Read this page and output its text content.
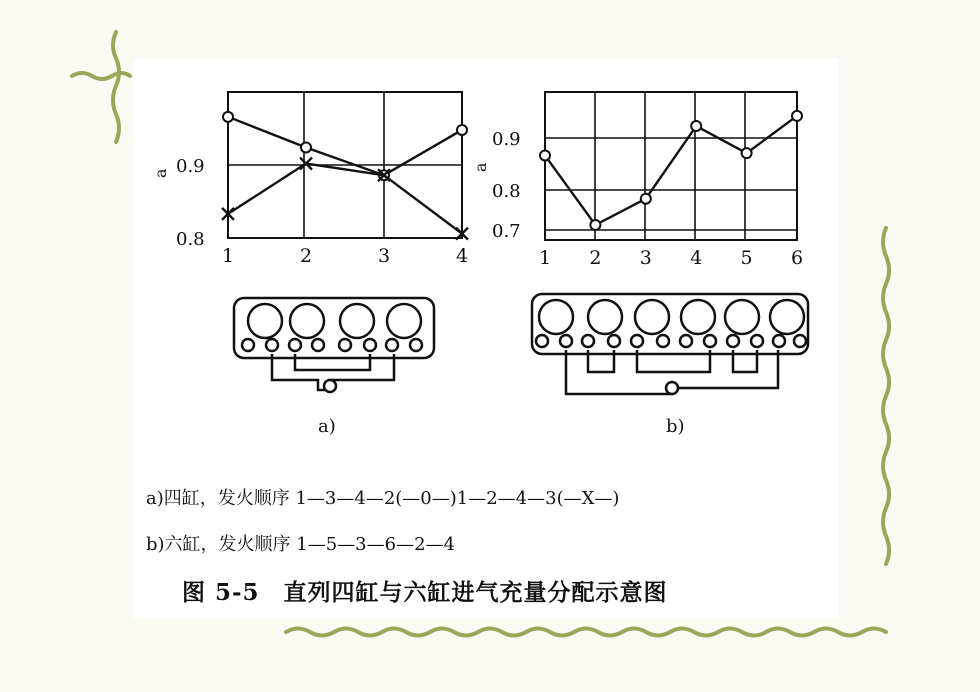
a)	b)
0.9
0.8
a
1	2	3	4
0.9
0.8
0.7
a
1 2 3 4 5 6
a)四缸，发火顺序 1—3—4—2(—0—)1—2—4—3(—X—)
b)六缸，发火顺序 1—5—3—6—2—4
图 5-5　直列四缸与六缸进气充量分配示意图
